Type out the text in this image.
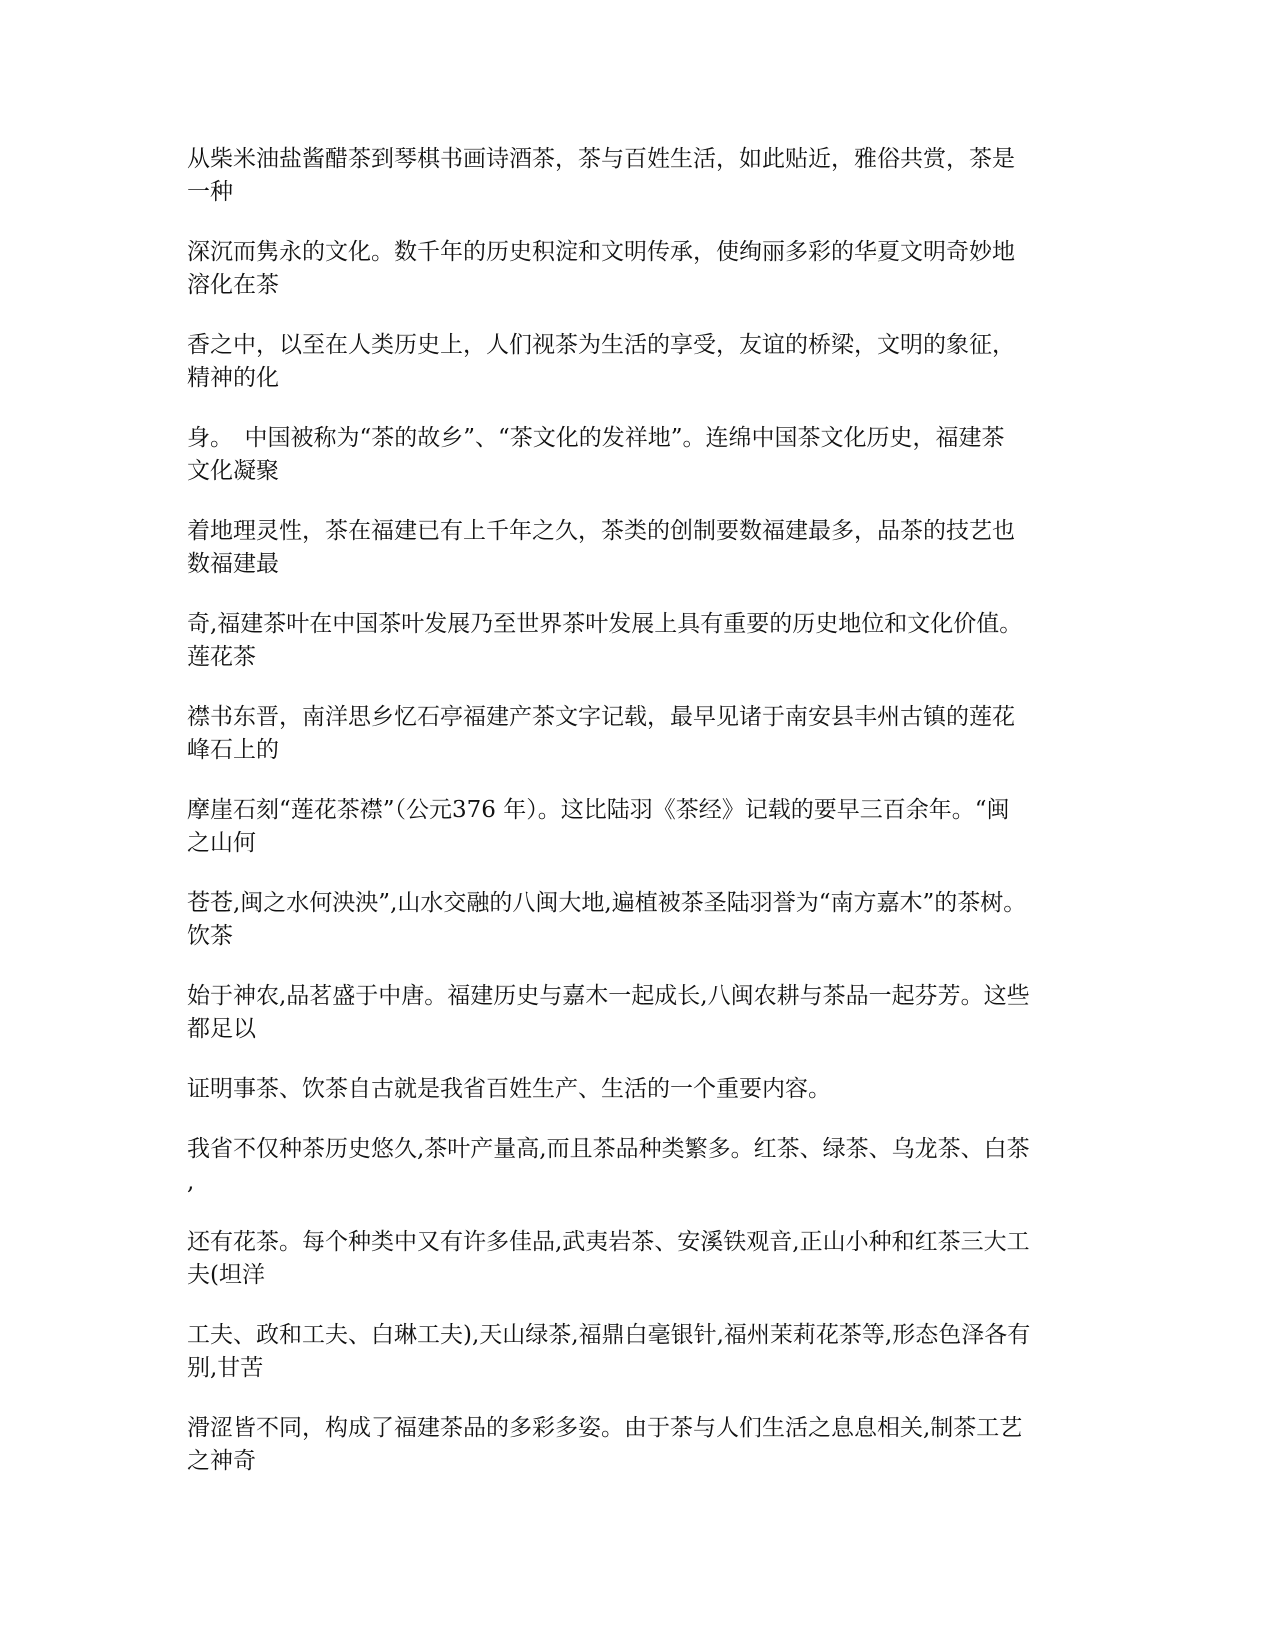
从柴米油盐酱醋茶到琴棋书画诗酒茶，茶与百姓生活，如此贴近，雅俗共赏，茶是
一种

深沉而隽永的文化。数千年的历史积淀和文明传承，使绚丽多彩的华夏文明奇妙地
溶化在茶

香之中，以至在人类历史上，人们视茶为生活的享受，友谊的桥梁，文明的象征，
精神的化

身。　中国被称为“茶的故乡”、“茶文化的发祥地”。连绵中国茶文化历史，福建茶
文化凝聚

着地理灵性，茶在福建已有上千年之久，茶类的创制要数福建最多，品茶的技艺也
数福建最

奇,福建茶叶在中国茶叶发展乃至世界茶叶发展上具有重要的历史地位和文化价值。
莲花茶

襟书东晋，南洋思乡忆石亭福建产茶文字记载，最早见诸于南安县丰州古镇的莲花
峰石上的

摩崖石刻“莲花茶襟”（公元376 年）。这比陆羽《茶经》记载的要早三百余年。“闽
之山何

苍苍,闽之水何泱泱”,山水交融的八闽大地,遍植被茶圣陆羽誉为“南方嘉木”的茶树。
饮茶

始于神农,品茗盛于中唐。福建历史与嘉木一起成长,八闽农耕与茶品一起芬芳。这些
都足以

证明事茶、饮茶自古就是我省百姓生产、生活的一个重要内容。

我省不仅种茶历史悠久,茶叶产量高,而且茶品种类繁多。红茶、绿茶、乌龙茶、白茶
,

还有花茶。每个种类中又有许多佳品,武夷岩茶、安溪铁观音,正山小种和红茶三大工
夫(坦洋

工夫、政和工夫、白琳工夫),天山绿茶,福鼎白毫银针,福州茉莉花茶等,形态色泽各有
别,甘苦

滑涩皆不同，构成了福建茶品的多彩多姿。由于茶与人们生活之息息相关,制茶工艺
之神奇
